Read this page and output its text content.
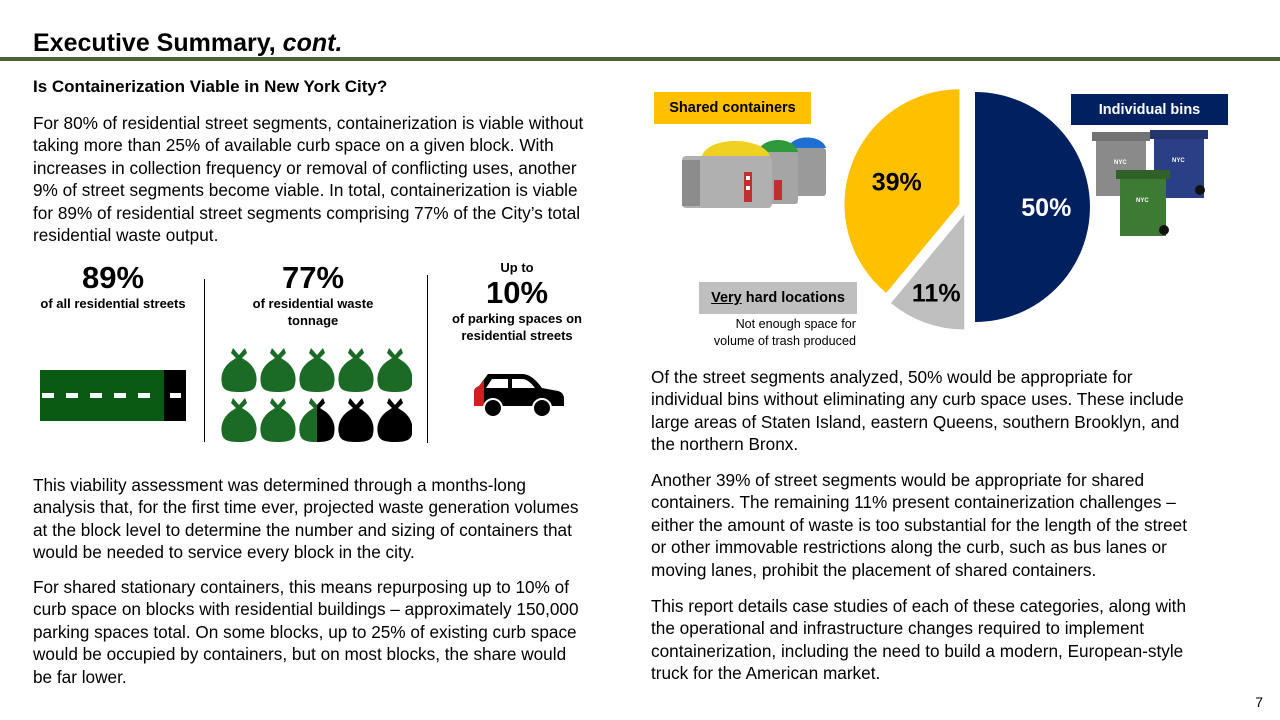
Executive Summary, cont.
Is Containerization Viable in New York City?

For 80% of residential street segments, containerization is viable without
taking more than 25% of available curb space on a given block. With
increases in collection frequency or removal of conflicting uses, another
9% of street segments become viable. In total, containerization is viable
for 89% of residential street segments comprising 77% of the City’s total
residential waste output.

89%
of all residential streets
77%
of residential waste
tonnage
Up to
10%
of parking spaces on
residential streets

This viability assessment was determined through a months-long
analysis that, for the first time ever, projected waste generation volumes
at the block level to determine the number and sizing of containers that
would be needed to service every block in the city.

For shared stationary containers, this means repurposing up to 10% of
curb space on blocks with residential buildings – approximately 150,000
parking spaces total. On some blocks, up to 25% of existing curb space
would be occupied by containers, but on most blocks, the share would
be far lower.

Shared containers	Individual bins
Very hard locations
Not enough space for
volume of trash produced
NYC	NYC
NYC
50%
11%
39%

Of the street segments analyzed, 50% would be appropriate for
individual bins without eliminating any curb space uses. These include
large areas of Staten Island, eastern Queens, southern Brooklyn, and
the northern Bronx.

Another 39% of street segments would be appropriate for shared
containers. The remaining 11% present containerization challenges –
either the amount of waste is too substantial for the length of the street
or other immovable restrictions along the curb, such as bus lanes or
moving lanes, prohibit the placement of shared containers.

This report details case studies of each of these categories, along with
the operational and infrastructure changes required to implement
containerization, including the need to build a modern, European-style
truck for the American market.

7
